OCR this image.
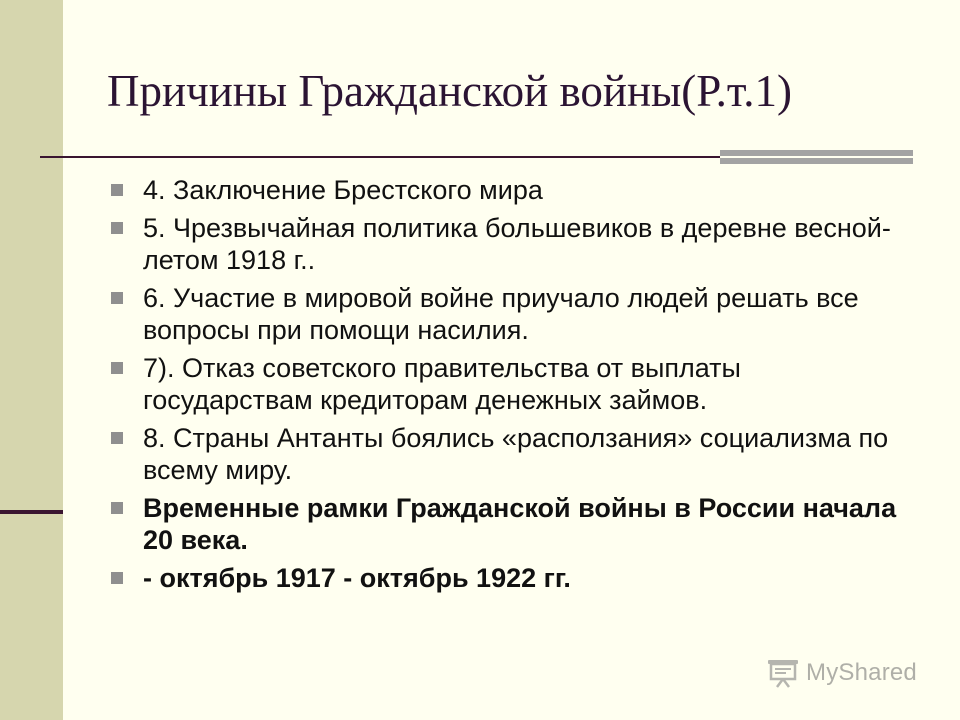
Причины Гражданской войны(Р.т.1)
4. Заключение Брестского мира
5. Чрезвычайная политика большевиков в деревне весной-летом 1918 г..
6. Участие в мировой войне приучало людей решать все вопросы при помощи насилия.
7). Отказ советского правительства от выплаты государствам кредиторам денежных займов.
8. Страны Антанты боялись «расползания» социализма по всему миру.
Временные рамки Гражданской войны в России начала 20 века.
- октябрь 1917 - октябрь 1922 гг.
MyShared
